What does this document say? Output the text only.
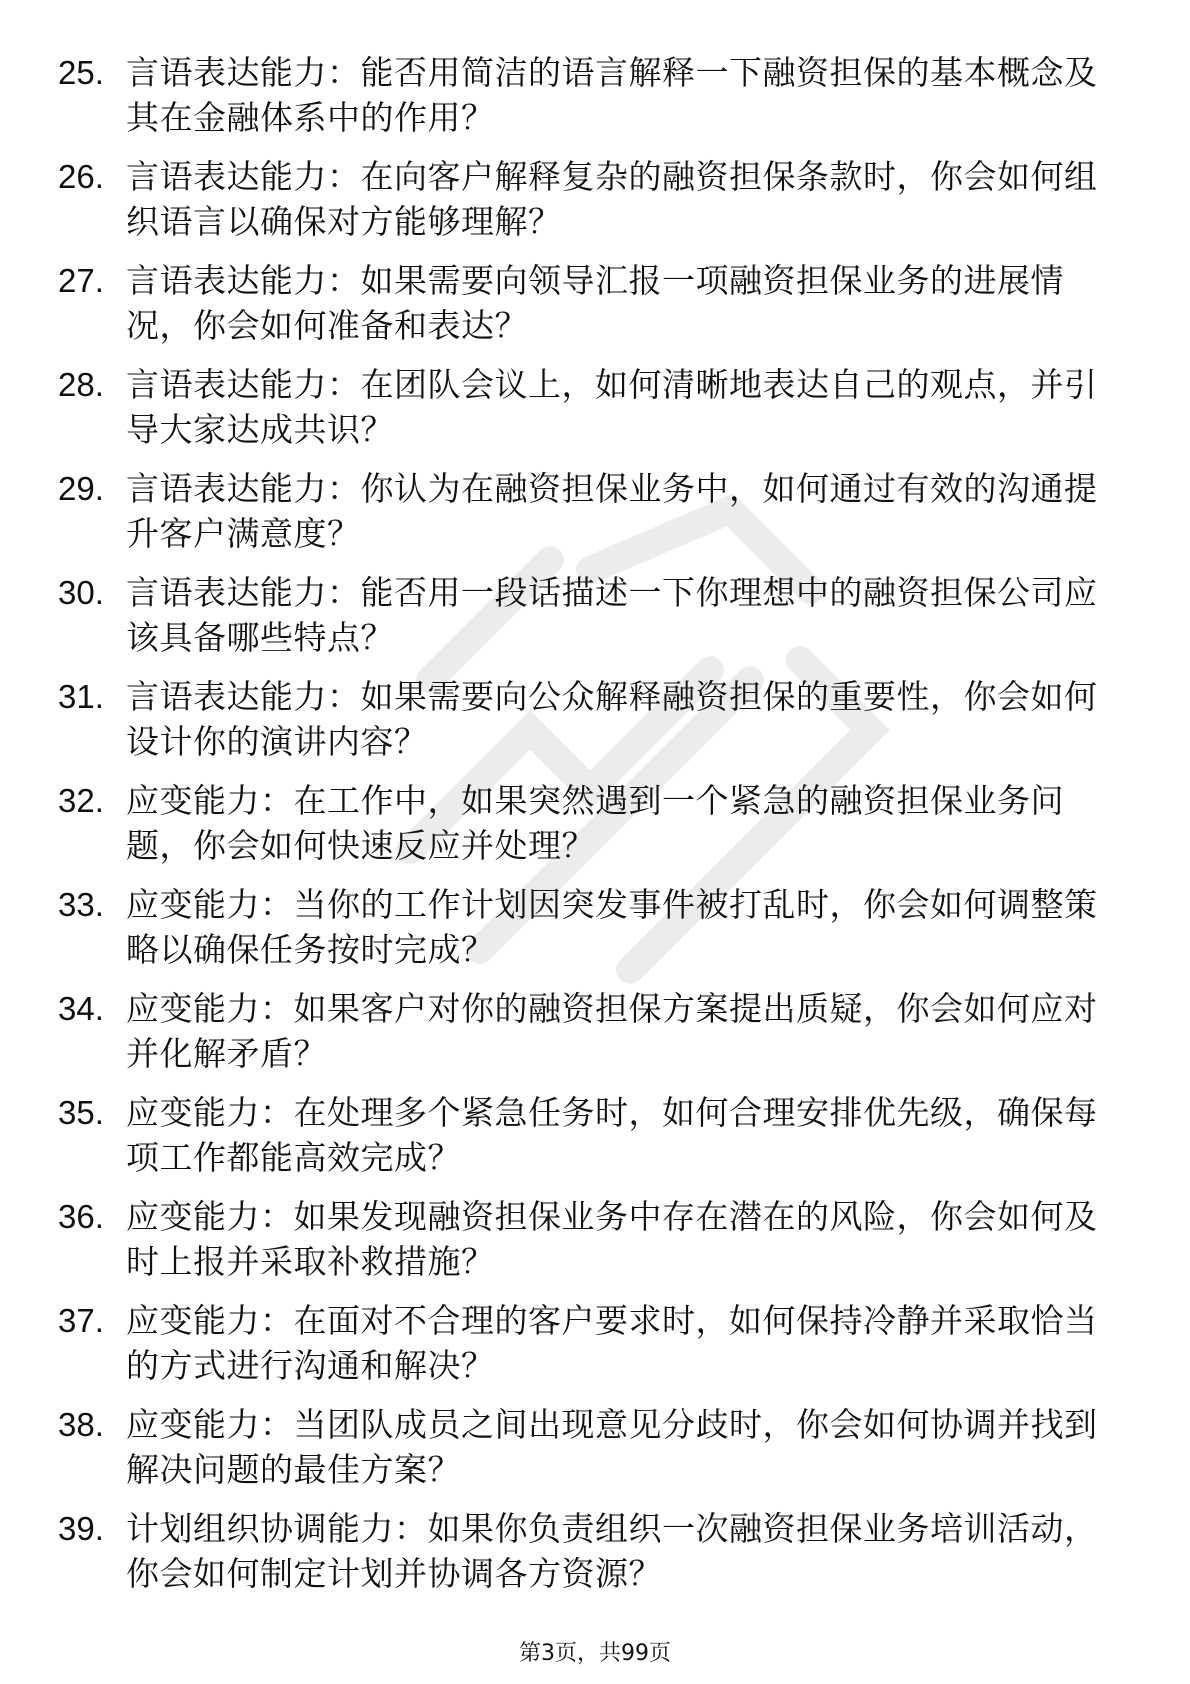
25. 言语表达能力：能否用简洁的语言解释一下融资担保的基本概念及其在金融体系中的作用？
26. 言语表达能力：在向客户解释复杂的融资担保条款时，你会如何组织语言以确保对方能够理解？
27. 言语表达能力：如果需要向领导汇报一项融资担保业务的进展情况，你会如何准备和表达？
28. 言语表达能力：在团队会议上，如何清晰地表达自己的观点，并引导大家达成共识？
29. 言语表达能力：你认为在融资担保业务中，如何通过有效的沟通提升客户满意度？
30. 言语表达能力：能否用一段话描述一下你理想中的融资担保公司应该具备哪些特点？
31. 言语表达能力：如果需要向公众解释融资担保的重要性，你会如何设计你的演讲内容？
32. 应变能力：在工作中，如果突然遇到一个紧急的融资担保业务问题，你会如何快速反应并处理？
33. 应变能力：当你的工作计划因突发事件被打乱时，你会如何调整策略以确保任务按时完成？
34. 应变能力：如果客户对你的融资担保方案提出质疑，你会如何应对并化解矛盾？
35. 应变能力：在处理多个紧急任务时，如何合理安排优先级，确保每项工作都能高效完成？
36. 应变能力：如果发现融资担保业务中存在潜在的风险，你会如何及时上报并采取补救措施？
37. 应变能力：在面对不合理的客户要求时，如何保持冷静并采取恰当的方式进行沟通和解决？
38. 应变能力：当团队成员之间出现意见分歧时，你会如何协调并找到解决问题的最佳方案？
39. 计划组织协调能力：如果你负责组织一次融资担保业务培训活动，你会如何制定计划并协调各方资源？
第3页，共99页
